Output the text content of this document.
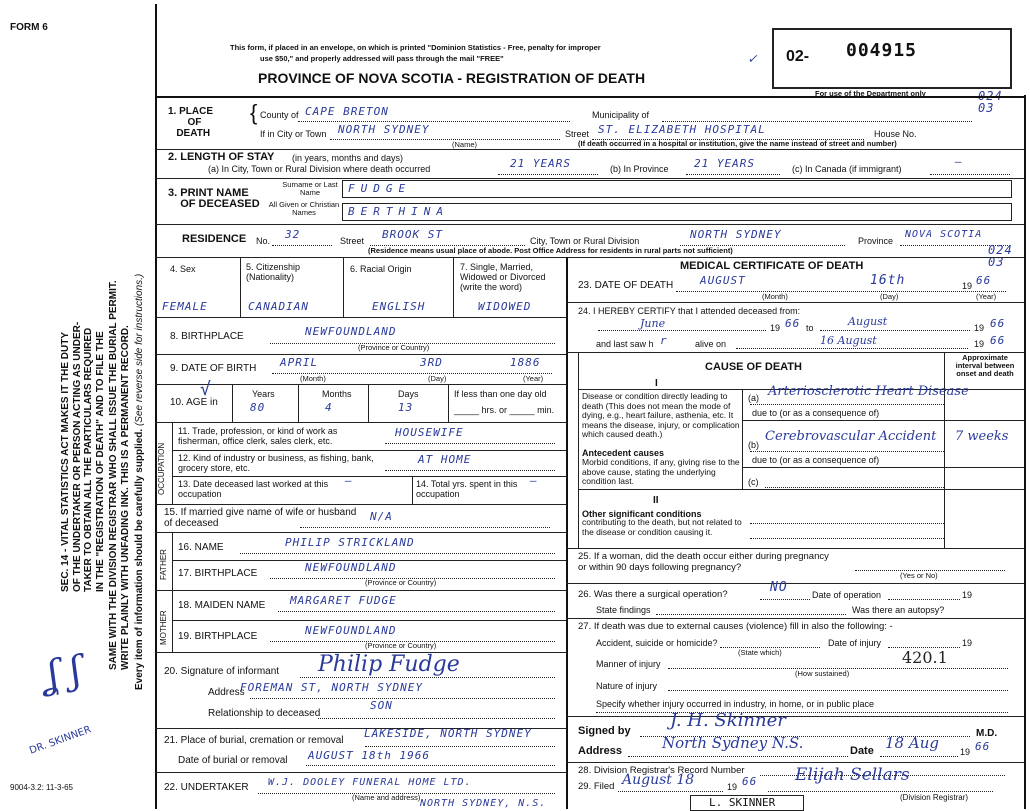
SEC. 14 - VITAL STATISTICS ACT MAKES IT THE DUTY OF THE UNDERTAKER OR PERSON ACTING AS UNDER- TAKER TO OBTAIN ALL THE PARTICULARS REQUIRED IN THE "REGISTRATION OF DEATH" AND TO FILE THE SAME WITH THE DIVISION REGISTRAR WHO SHALL ISSUE THE BURIAL PERMIT. WRITE PLAINLY WITH UNFADING INK. THIS IS A PERMANENT RECORD. Every item of information should be carefully supplied. (See reverse side for instructions.)
FORM 6
ʆ ʃ
DR. SKINNER
9004-3.2: 11-3-65
This form, if placed in an envelope, on which is printed "Dominion Statistics - Free, penalty for improper
use $50," and properly addressed will pass through the mail "FREE"
PROVINCE OF NOVA SCOTIA - REGISTRATION OF DEATH
02- 004915
For use of the Department only	024
03
1. PLACE
OF
DEATH
{ County of CAPE BRETON	Municipality of
If in City or Town NORTH SYDNEY
(Name)
Street ST. ELIZABETH HOSPITAL	House No.
(If death occurred in a hospital or institution, give the name instead of street and number)
2. LENGTH OF STAY (in years, months and days)
(a) In City, Town or Rural Division where death occurred	21 YEARS	(b) In Province 21 YEARS	(c) In Canada (if immigrant)
—
3. PRINT NAME
OF DECEASED
Surname or Last Name
All Given or Christian Names
FUDGE
BERTHINA
RESIDENCE No. 32	Street BROOK ST	City, Town or Rural Division	NORTH SYDNEY	Province
NOVA SCOTIA
(Residence means usual place of abode. Post Office Address for residents in rural parts not sufficient)	024
03
4. Sex	5. Citizenship (Nationality)
6. Racial Origin	7. Single, Married, Widowed or Divorced (write the word)
FEMALE	CANADIAN	ENGLISH	WIDOWED
8. BIRTHPLACE	NEWFOUNDLAND
(Province or Country)
9. DATE OF BIRTH APRIL	3RD	1886
(Month)	(Day)	(Year)
10. AGE in
√	Years	Months	Days	If less than one day old
80	4	13	_____ hrs. or _____ min.
OCCUPATION
11. Trade, profession, or kind of work as fisherman, office clerk, sales clerk, etc.
HOUSEWIFE
12. Kind of industry or business, as fishing, bank, grocery store, etc.
AT HOME
13. Date deceased last worked at this occupation
14. Total yrs. spent in this occupation
—
—
15. If married give name of wife or husband of deceased
N/A
FATHER
16. NAME	PHILIP STRICKLAND
17. BIRTHPLACE	NEWFOUNDLAND
(Province or Country)
MOTHER
18. MAIDEN NAME MARGARET FUDGE
19. BIRTHPLACE	NEWFOUNDLAND
(Province or Country)
20. Signature of informant Philip Fudge
Address
FOREMAN ST, NORTH SYDNEY
Relationship to deceased
SON
21. Place of burial, cremation or removal
LAKESIDE, NORTH SYDNEY
Date of burial or removal AUGUST 18th 1966
22. UNDERTAKER W.J. DOOLEY FUNERAL HOME LTD.
(Name and address)
NORTH SYDNEY, N.S.
MEDICAL CERTIFICATE OF DEATH
23. DATE OF DEATH AUGUST	16th	19 66
(Month)	(Day)	(Year)
24. I HEREBY CERTIFY that I attended deceased from:
June	19 66 to	August	19 66
and last saw h r	alive on	16 August	19 66
CAUSE OF DEATH
Approximate interval between onset and death
I
Disease or condition directly leading to death (This does not mean the mode of dying, e.g., heart failure, asthenia, etc. It means the disease, injury, or complication which caused death.)
(a) Arteriosclerotic Heart Disease
due to (or as a consequence of)
Antecedent causes
Morbid conditions, if any, giving rise to the above cause, stating the underlying condition last.
(b)
Cerebrovascular Accident 7 weeks
due to (or as a consequence of)
(c)
II
Other significant conditions
contributing to the death, but not related to the disease or condition causing it.
25. If a woman, did the death occur either during pregnancy or within 90 days following pregnancy?
(Yes or No)
26. Was there a surgical operation?	NO	Date of operation	19
State findings	Was there an autopsy?
27. If death was due to external causes (violence) fill in also the following: -
Accident, suicide or homicide?	Date of injury	19
(State which)	420.1
Manner of injury
(How sustained)
Nature of injury
Specify whether injury occurred in industry, in home, or in public place
Signed by J. H. Skinner
M.D.
Address	North Sydney N.S.	Date 18 Aug 19 66
28. Division Registrar's Record Number
29. Filed August 18	19 66 Elijah Sellars
(Division Registrar)
L. SKINNER
✓
